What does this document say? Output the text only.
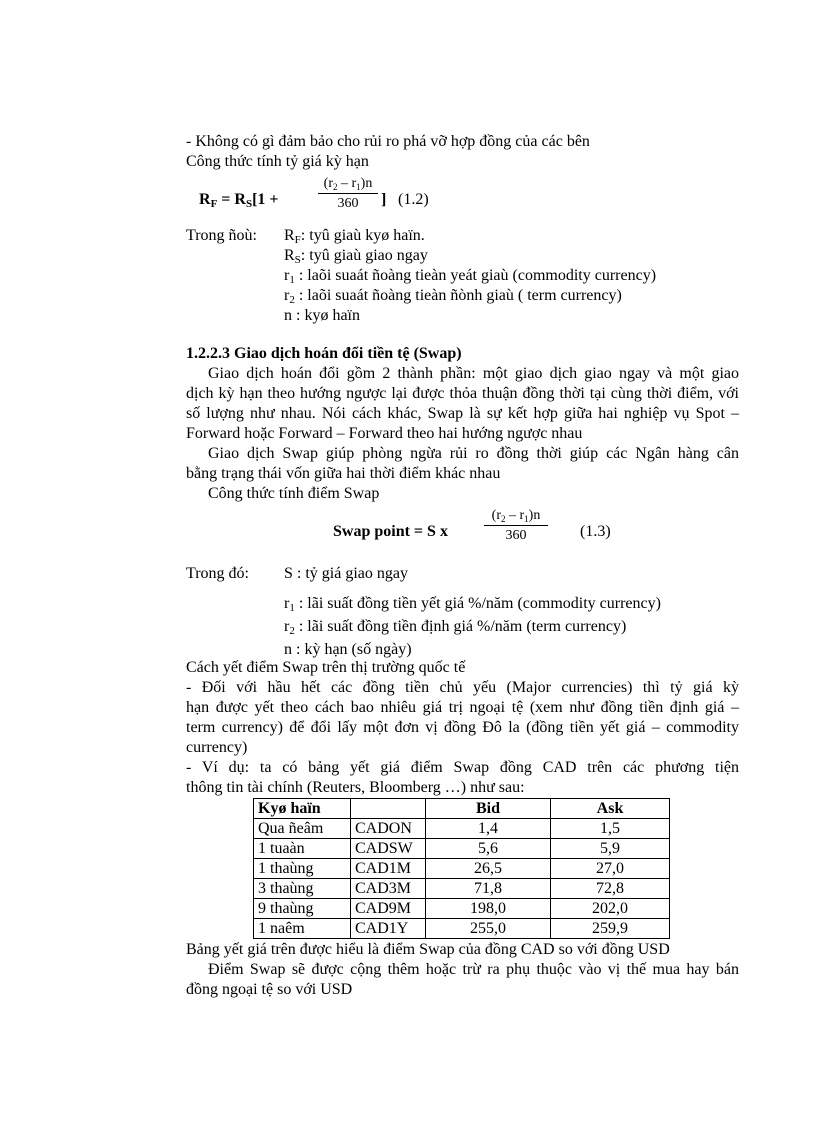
- Không có gì đảm bảo cho rủi ro phá vỡ hợp đồng của các bên
Công thức tính tỷ giá kỳ hạn
$R_F = R_S[1$ +
$(r_2 - r_1)n$
360	] (1.2)
Trong ñoù: $R_F$: tyû giaù kyø haïn.
$R_S$: tyû giaù giao ngay
$r_1$ : laõi suaát ñoàng tieàn yeát giaù (commodity currency)
$r_2$ : laõi suaát ñoàng tieàn ñònh giaù ( term currency)
n : kyø haïn
1.2.2.3 Giao dịch hoán đổi tiền tệ (Swap)
Giao dịch hoán đổi gồm 2 thành phần: một giao dịch giao ngay và một giao
dịch kỳ hạn theo hướng ngược lại được thỏa thuận đồng thời tại cùng thời điểm, với
số lượng như nhau. Nói cách khác, Swap là sự kết hợp giữa hai nghiệp vụ Spot –
Forward hoặc Forward – Forward theo hai hướng ngược nhau
Giao dịch Swap giúp phòng ngừa rủi ro đồng thời giúp các Ngân hàng cân
bằng trạng thái vốn giữa hai thời điểm khác nhau
Công thức tính điểm Swap
Swap point = S x
$(r_2 - r_1)n$
360	(1.3)
Trong đó: S : tỷ giá giao ngay
$r_1$ : lãi suất đồng tiền yết giá %/năm (commodity currency)
$r_2$ : lãi suất đồng tiền định giá %/năm (term currency)
n : kỳ hạn (số ngày)
Cách yết điểm Swap trên thị trường quốc tế
- Đối với hầu hết các đồng tiền chủ yếu (Major currencies) thì tỷ giá kỳ
hạn được yết theo cách bao nhiêu giá trị ngoại tệ (xem như đồng tiền định giá –
term currency) để đổi lấy một đơn vị đồng Đô la (đồng tiền yết giá – commodity
currency)
- Ví dụ: ta có bảng yết giá điểm Swap đồng CAD trên các phương tiện
thông tin tài chính (Reuters, Bloomberg …) như sau:
Kyø haïn		Bid	Ask
Qua ñeâm	CADON	1,4	1,5
1 tuaàn	CADSW	5,6	5,9
1 thaùng	CAD1M	26,5	27,0
3 thaùng	CAD3M	71,8	72,8
9 thaùng	CAD9M	198,0	202,0
1 naêm	CAD1Y	255,0	259,9
Bảng yết giá trên được hiểu là điểm Swap của đồng CAD so với đồng USD
Điểm Swap sẽ được cộng thêm hoặc trừ ra phụ thuộc vào vị thế mua hay bán
đồng ngoại tệ so với USD
